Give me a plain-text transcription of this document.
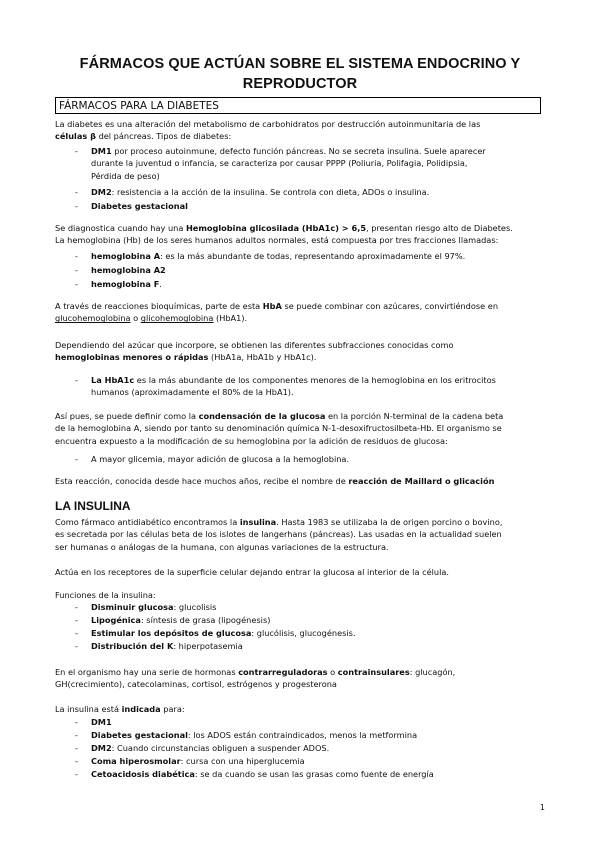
FÁRMACOS QUE ACTÚAN SOBRE EL SISTEMA ENDOCRINO Y
REPRODUCTOR
FÁRMACOS PARA LA DIABETES
La diabetes es una alteración del metabolismo de carbohidratos por destrucción autoinmunitaria de las
células β del páncreas. Tipos de diabetes:
- DM1 por proceso autoinmune, defecto función páncreas. No se secreta insulina. Suele aparecer
durante la juventud o infancia, se caracteriza por causar PPPP (Poliuria, Polifagia, Polidipsia,
Pérdida de peso)
- DM2: resistencia a la acción de la insulina. Se controla con dieta, ADOs o insulina.
- Diabetes gestacional
Se diagnostica cuando hay una Hemoglobina glicosilada (HbA1c) > 6,5, presentan riesgo alto de Diabetes.
La hemoglobina (Hb) de los seres humanos adultos normales, está compuesta por tres fracciones llamadas:
- hemoglobina A: es la más abundante de todas, representando aproximadamente el 97%.
- hemoglobina A2
- hemoglobina F.
A través de reacciones bioquímicas, parte de esta HbA se puede combinar con azúcares, convirtiéndose en
glucohemoglobina o glicohemoglobina (HbA1).
Dependiendo del azúcar que incorpore, se obtienen las diferentes subfracciones conocidas como
hemoglobinas menores o rápidas (HbA1a, HbA1b y HbA1c).
- La HbA1c es la más abundante de los componentes menores de la hemoglobina en los eritrocitos
humanos (aproximadamente el 80% de la HbA1).
Así pues, se puede definir como la condensación de la glucosa en la porción N-terminal de la cadena beta
de la hemoglobina A, siendo por tanto su denominación química N-1-desoxifructosilbeta-Hb. El organismo se
encuentra expuesto a la modificación de su hemoglobina por la adición de residuos de glucosa:
- A mayor glicemia, mayor adición de glucosa a la hemoglobina.
Esta reacción, conocida desde hace muchos años, recibe el nombre de reacción de Maillard o glicación
LA INSULINA
Como fármaco antidiabético encontramos la insulina. Hasta 1983 se utilizaba la de origen porcino o bovino,
es secretada por las células beta de los islotes de langerhans (páncreas). Las usadas en la actualidad suelen
ser humanas o análogas de la humana, con algunas variaciones de la estructura.
Actúa en los receptores de la superficie celular dejando entrar la glucosa al interior de la célula.
Funciones de la insulina:
- Disminuir glucosa: glucolisis
- Lipogénica: síntesis de grasa (lipogénesis)
- Estimular los depósitos de glucosa: glucólisis, glucogénesis.
- Distribución del K: hiperpotasemia
En el organismo hay una serie de hormonas contrarreguladoras o contrainsulares: glucagón,
GH(crecimiento), catecolaminas, cortisol, estrógenos y progesterona
La insulina está indicada para:
- DM1
- Diabetes gestacional: los ADOS están contraindicados, menos la metformina
- DM2: Cuando circunstancias obliguen a suspender ADOS.
- Coma hiperosmolar: cursa con una hiperglucemia
- Cetoacidosis diabética: se da cuando se usan las grasas como fuente de energía
1
